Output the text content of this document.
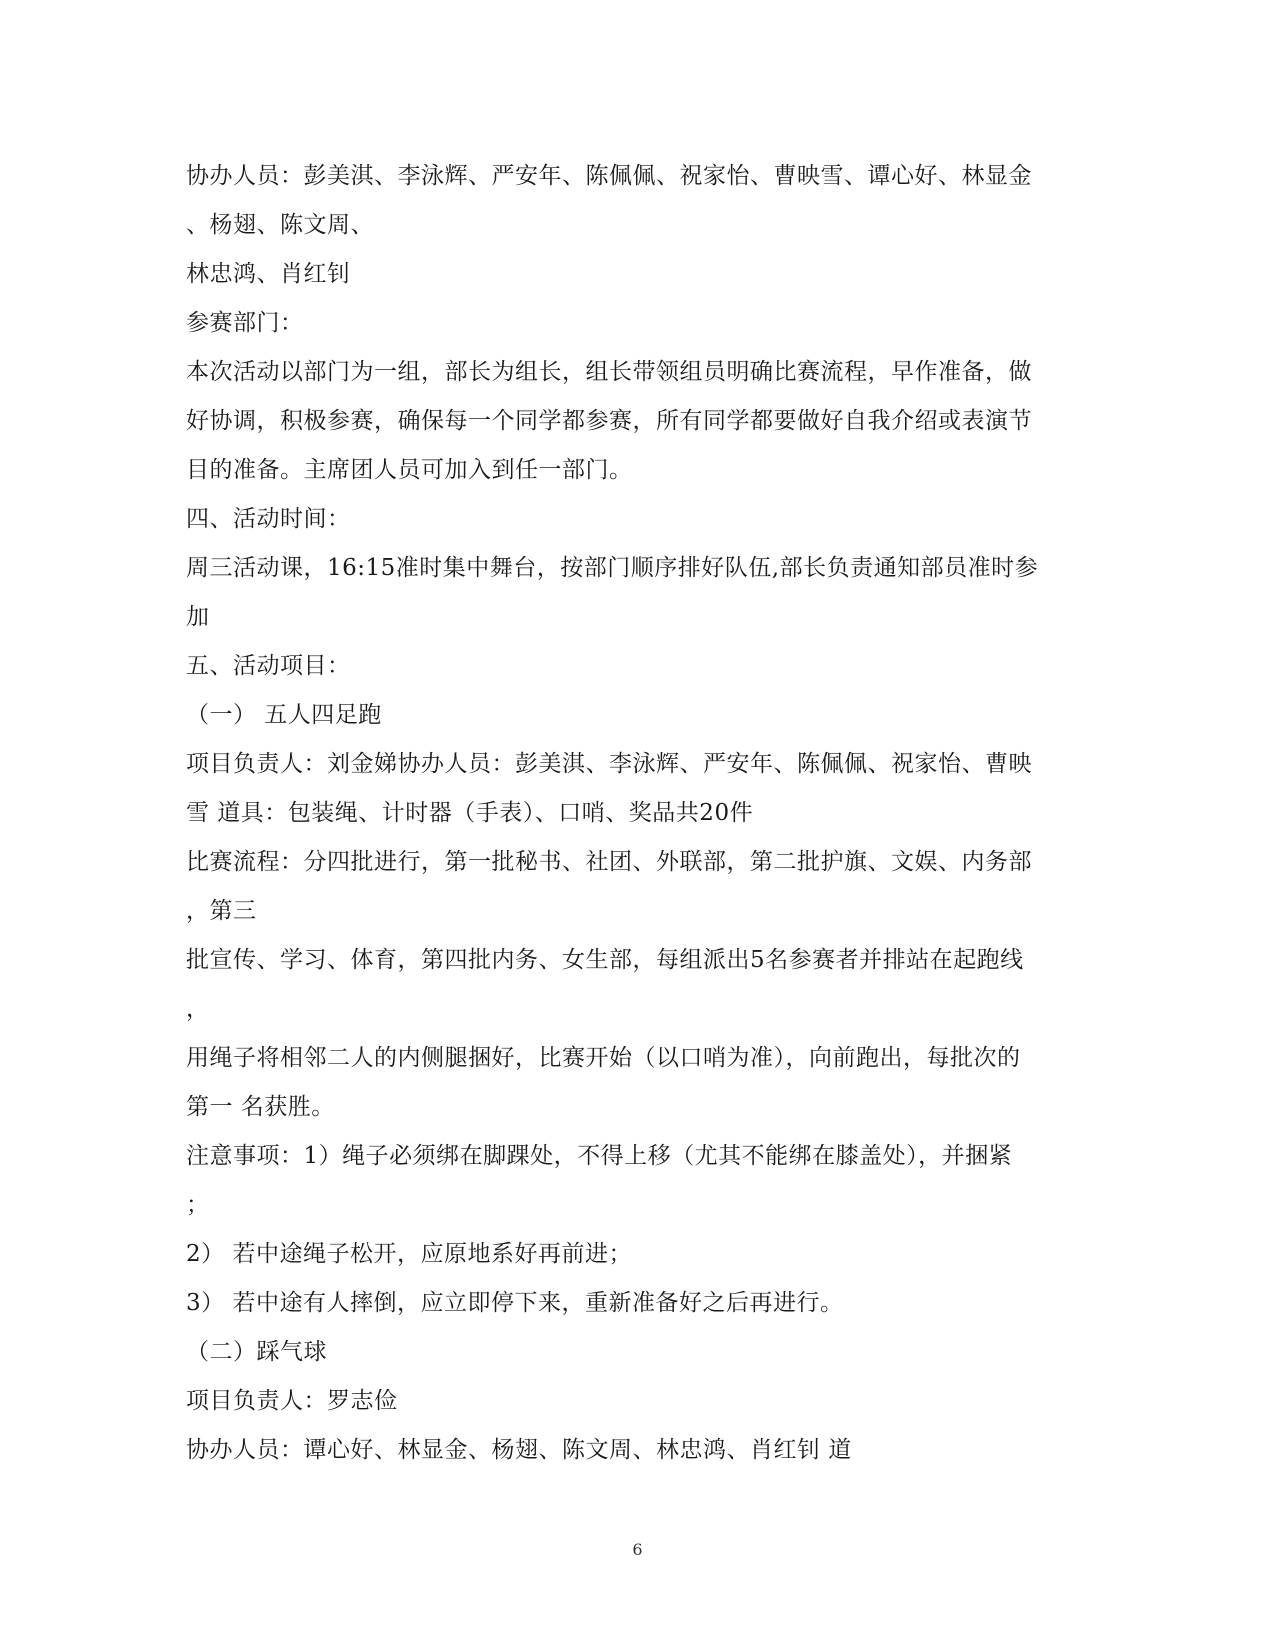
协办人员：彭美淇、李泳辉、严安年、陈佩佩、祝家怡、曹映雪、谭心好、林显金
、杨翅、陈文周、
林忠鸿、肖红钊
参赛部门：
本次活动以部门为一组，部长为组长，组长带领组员明确比赛流程，早作准备，做
好协调，积极参赛，确保每一个同学都参赛，所有同学都要做好自我介绍或表演节
目的准备。主席团人员可加入到任一部门。
四、活动时间：
周三活动课，16:15准时集中舞台，按部门顺序排好队伍,部长负责通知部员准时参
加
五、活动项目：
（一） 五人四足跑
项目负责人：刘金娣协办人员：彭美淇、李泳辉、严安年、陈佩佩、祝家怡、曹映
雪 道具：包装绳、计时器（手表）、口哨、奖品共20件
比赛流程：分四批进行，第一批秘书、社团、外联部，第二批护旗、文娱、内务部
，第三
批宣传、学习、体育，第四批内务、女生部，每组派出5名参赛者并排站在起跑线
，
用绳子将相邻二人的内侧腿捆好，比赛开始（以口哨为准），向前跑出，每批次的
第一 名获胜。
注意事项：1）绳子必须绑在脚踝处，不得上移（尤其不能绑在膝盖处），并捆紧
；
2） 若中途绳子松开，应原地系好再前进；
3） 若中途有人摔倒，应立即停下来，重新准备好之后再进行。
（二）踩气球
项目负责人：罗志俭
协办人员：谭心好、林显金、杨翅、陈文周、林忠鸿、肖红钊 道
6
